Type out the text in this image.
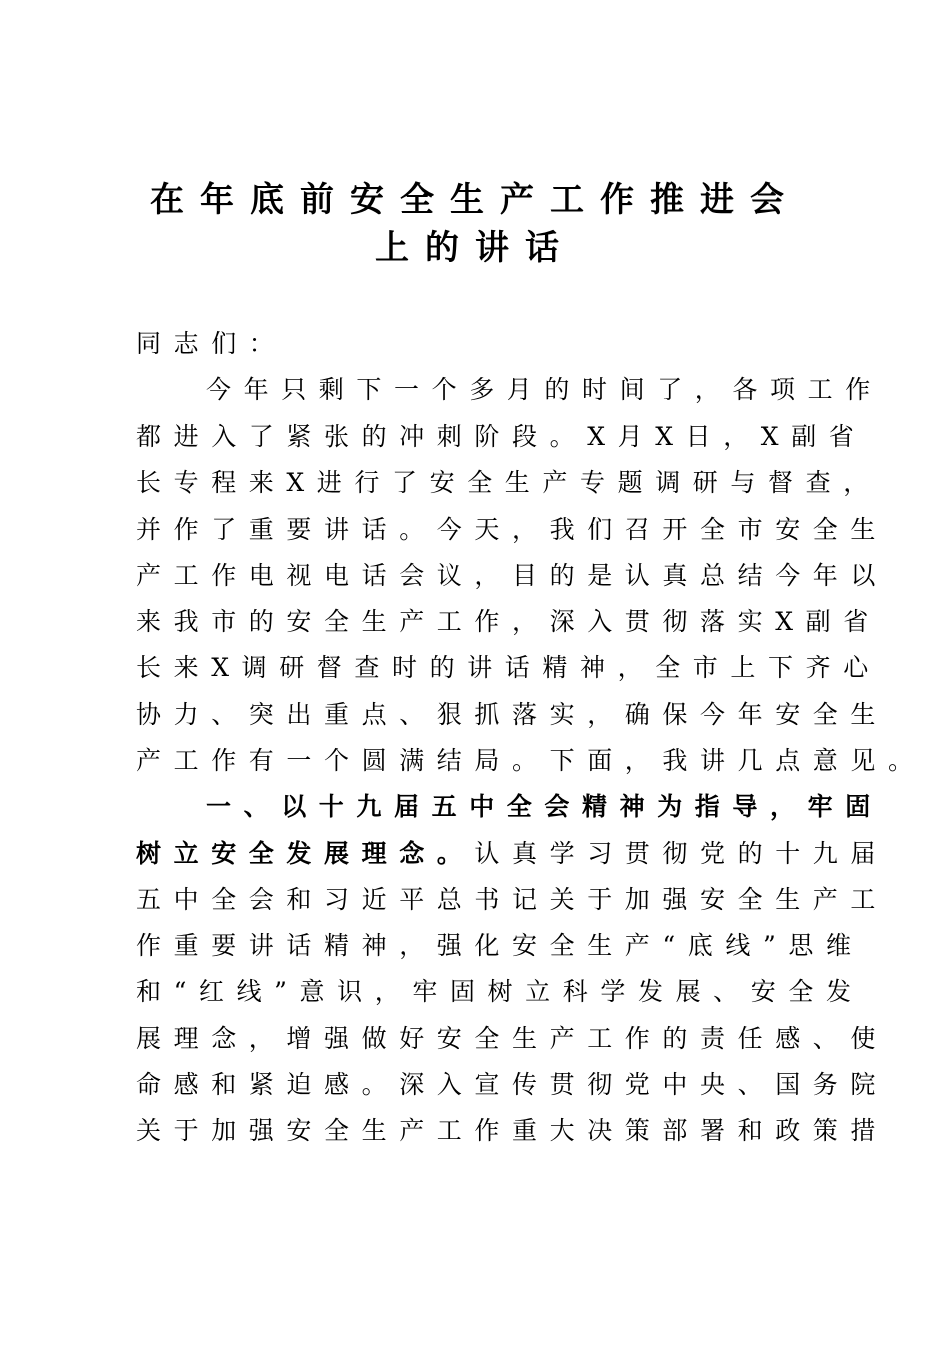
在年底前安全生产工作推进会
上的讲话
同志们：
今年只剩下一个多月的时间了，各项工作
都进入了紧张的冲刺阶段。X月X日，X副省
长专程来X进行了安全生产专题调研与督查，
并作了重要讲话。今天，我们召开全市安全生
产工作电视电话会议，目的是认真总结今年以
来我市的安全生产工作，深入贯彻落实X副省
长来X调研督查时的讲话精神，全市上下齐心
协力、突出重点、狠抓落实，确保今年安全生
产工作有一个圆满结局。下面，我讲几点意见。
一、以十九届五中全会精神为指导，牢固
树立安全发展理念。认真学习贯彻党的十九届
五中全会和习近平总书记关于加强安全生产工
作重要讲话精神，强化安全生产“底线”思维
和“红线”意识，牢固树立科学发展、安全发
展理念，增强做好安全生产工作的责任感、使
命感和紧迫感。深入宣传贯彻党中央、国务院
关于加强安全生产工作重大决策部署和政策措
